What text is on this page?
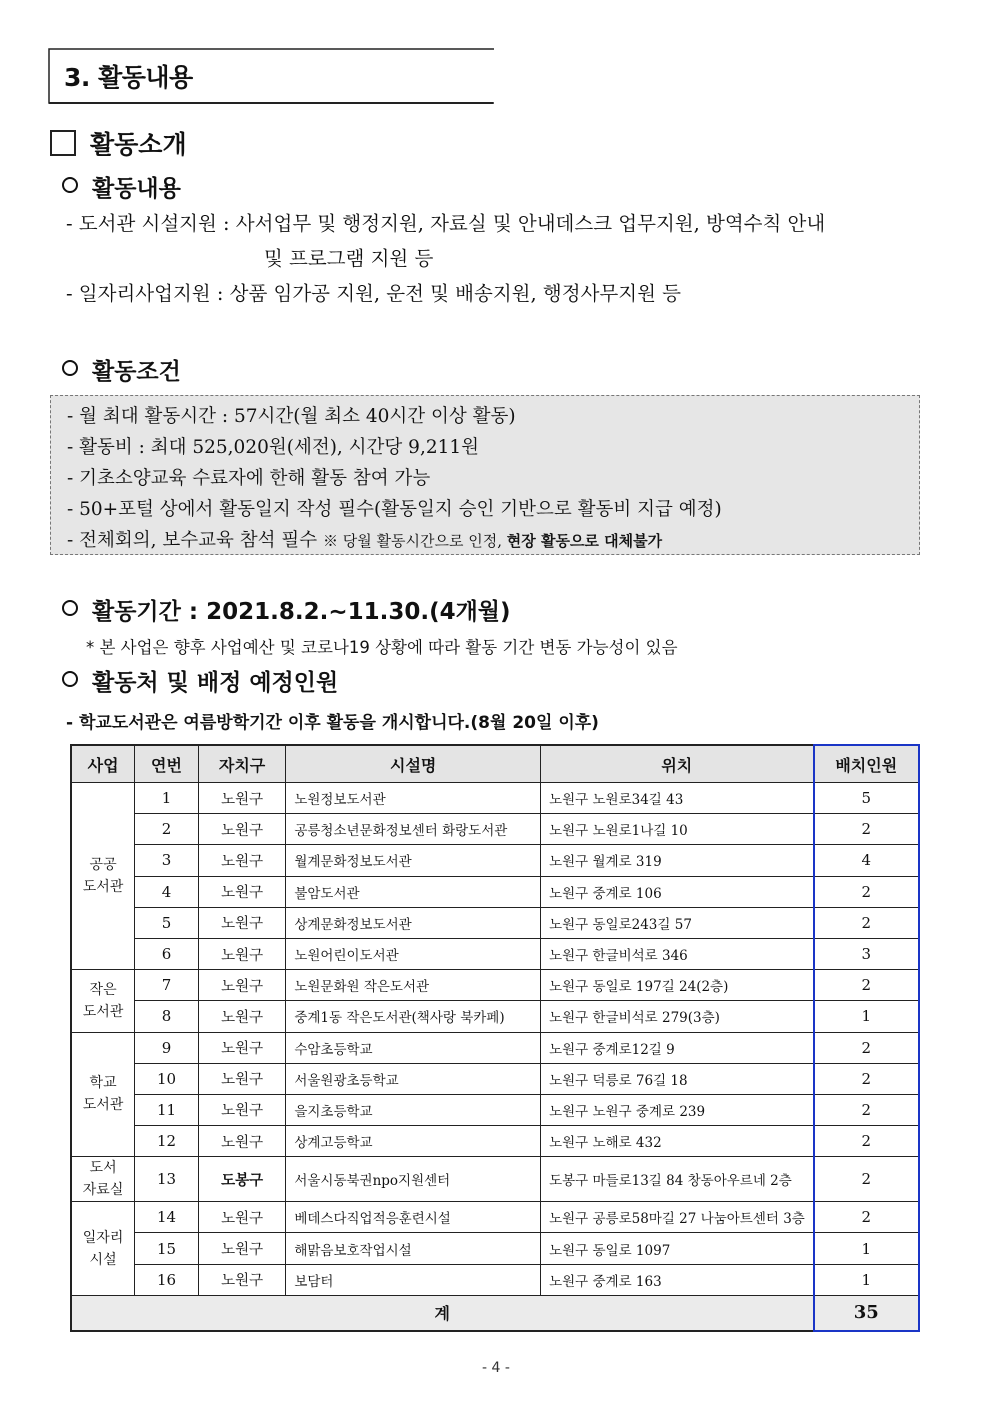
3. 활동내용
활동소개
활동내용
- 도서관 시설지원 : 사서업무 및 행정지원, 자료실 및 안내데스크 업무지원, 방역수칙 안내
및 프로그램 지원 등
- 일자리사업지원 : 상품 임가공 지원, 운전 및 배송지원, 행정사무지원 등
활동조건
- 월 최대 활동시간 : 57시간(월 최소 40시간 이상 활동)
- 활동비 : 최대 525,020원(세전), 시간당 9,211원
- 기초소양교육 수료자에 한해 활동 참여 가능
- 50+포털 상에서 활동일지 작성 필수(활동일지 승인 기반으로 활동비 지급 예정)
- 전체회의, 보수교육 참석 필수 ※ 당월 활동시간으로 인정, 현장 활동으로 대체불가
활동기간 : 2021.8.2.~11.30.(4개월)
* 본 사업은 향후 사업예산 및 코로나19 상황에 따라 활동 기간 변동 가능성이 있음
활동처 및 배정 예정인원
- 학교도서관은 여름방학기간 이후 활동을 개시합니다.(8월 20일 이후)
사업	연번	자치구	시설명	위치	배치인원

공공
도서관	1	노원구	노원정보도서관	노원구 노원로34길 43	5
	2	노원구	공릉청소년문화정보센터 화랑도서관	노원구 노원로1나길 10	2
	3	노원구	월계문화정보도서관	노원구 월계로 319	4
	4	노원구	불암도서관	노원구 중계로 106	2
	5	노원구	상계문화정보도서관	노원구 동일로243길 57	2
	6	노원구	노원어린이도서관	노원구 한글비석로 346	3

작은
도서관	7	노원구	노원문화원 작은도서관	노원구 동일로 197길 24(2층)	2
	8	노원구	중계1동 작은도서관(책사랑 북카페)	노원구 한글비석로 279(3층)	1

학교
도서관	9	노원구	수암초등학교	노원구 중계로12길 9	2
	10	노원구	서울원광초등학교	노원구 덕릉로 76길 18	2
	11	노원구	을지초등학교	노원구 노원구 중계로 239	2
	12	노원구	상계고등학교	노원구 노해로 432	2

도서
자료실	13	도봉구	서울시동북권npo지원센터	도봉구 마들로13길 84 창동아우르네 2층	2

일자리
시설	14	노원구	베데스다직업적응훈련시설	노원구 공릉로58마길 27 나눔아트센터 3층	2
	15	노원구	해맑음보호작업시설	노원구 동일로 1097	1
	16	노원구	보담터	노원구 중계로 163	1
계					35
- 4 -
